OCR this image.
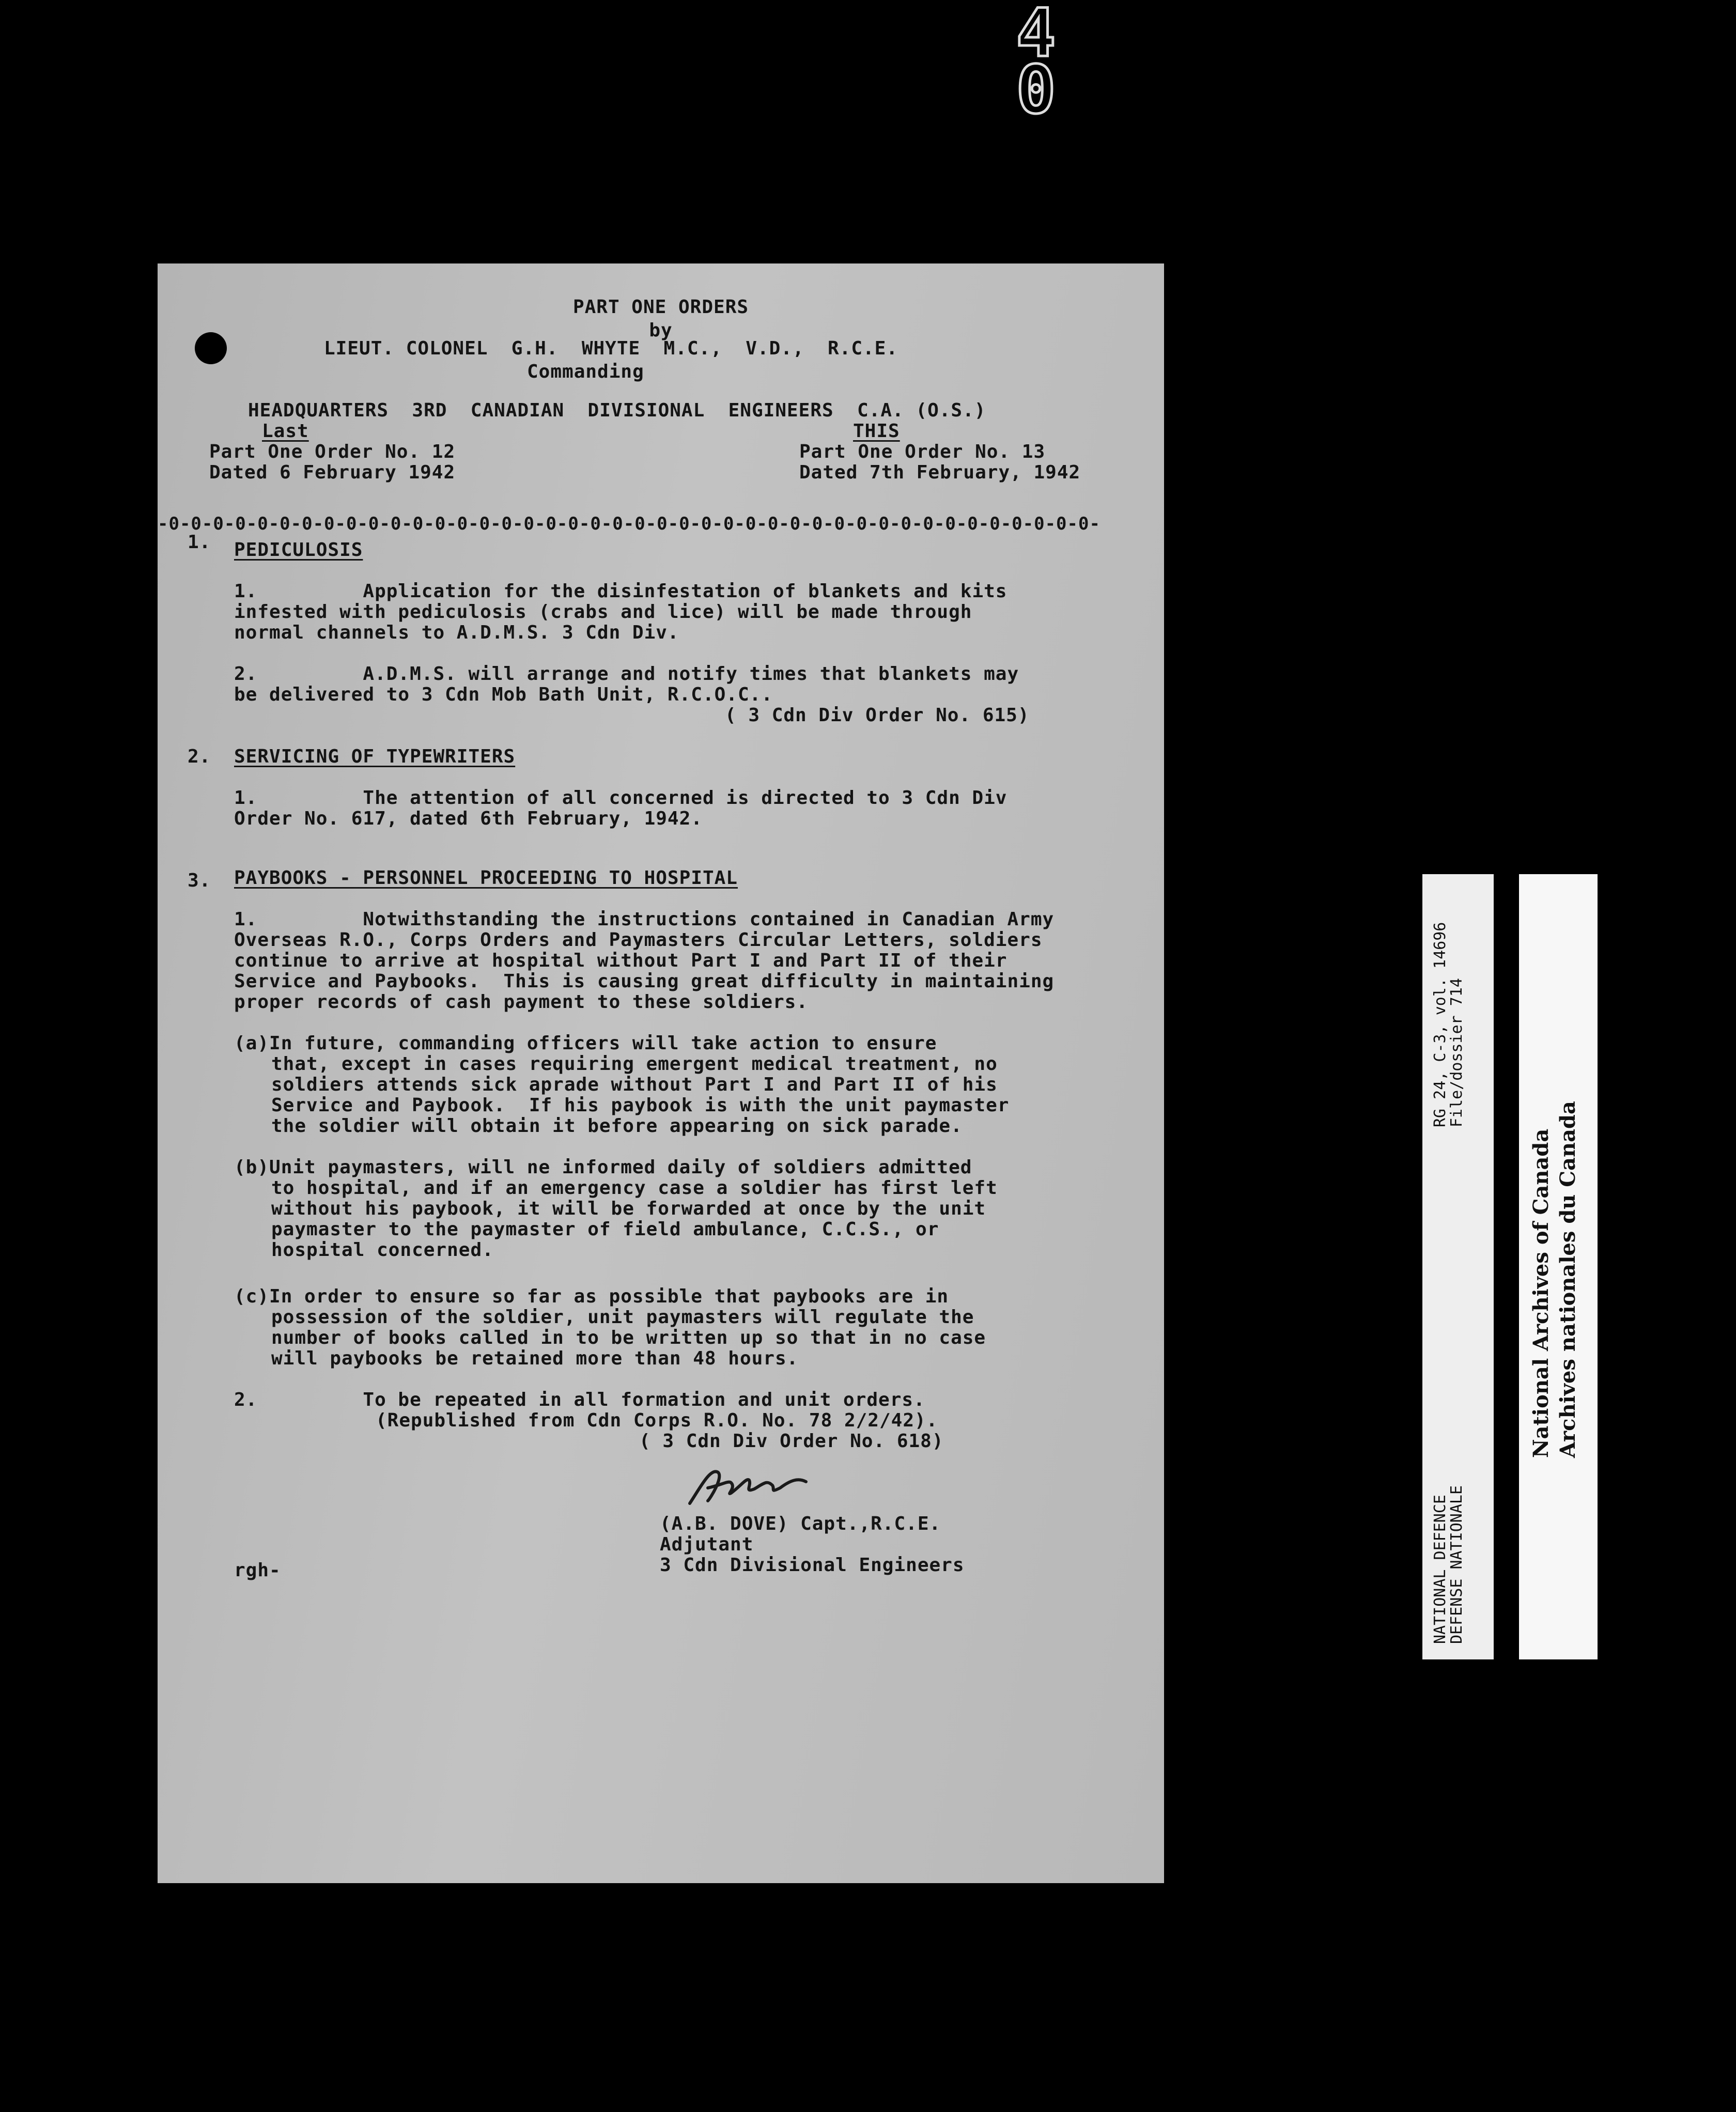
4 0
PART ONE ORDERS
by
LIEUT. COLONEL  G.H.  WHYTE  M.C.,  V.D.,  R.C.E.
Commanding
HEADQUARTERS  3RD  CANADIAN  DIVISIONAL  ENGINEERS  C.A. (O.S.)
Last
Part One Order No. 12
Dated 6 February 1942
THIS
Part One Order No. 13
Dated 7th February, 1942
-0-0-0-0-0-0-0-0-0-0-0-0-0-0-0-0-0-0-0-0-0-0-0-0-0-0-0-0-0-0-0-0-0-0-0-0-0-0-0-0-0-0-
1. PEDICULOSIS
1.         Application for the disinfestation of blankets and kits
infested with pediculosis (crabs and lice) will be made through
normal channels to A.D.M.S. 3 Cdn Div.
2.         A.D.M.S. will arrange and notify times that blankets may
be delivered to 3 Cdn Mob Bath Unit, R.C.O.C..
( 3 Cdn Div Order No. 615)
2. SERVICING OF TYPEWRITERS
1.         The attention of all concerned is directed to 3 Cdn Div
Order No. 617, dated 6th February, 1942.
3. PAYBOOKS - PERSONNEL PROCEEDING TO HOSPITAL
1.         Notwithstanding the instructions contained in Canadian Army
Overseas R.O., Corps Orders and Paymasters Circular Letters, soldiers
continue to arrive at hospital without Part I and Part II of their
Service and Paybooks.  This is causing great difficulty in maintaining
proper records of cash payment to these soldiers.
(a)In future, commanding officers will take action to ensure
that, except in cases requiring emergent medical treatment, no
soldiers attends sick aprade without Part I and Part II of his
Service and Paybook.  If his paybook is with the unit paymaster
the soldier will obtain it before appearing on sick parade.
(b)Unit paymasters, will ne informed daily of soldiers admitted
to hospital, and if an emergency case a soldier has first left
without his paybook, it will be forwarded at once by the unit
paymaster to the paymaster of field ambulance, C.C.S., or
hospital concerned.
(c)In order to ensure so far as possible that paybooks are in
possession of the soldier, unit paymasters will regulate the
number of books called in to be written up so that in no case
will paybooks be retained more than 48 hours.
2.         To be repeated in all formation and unit orders.
(Republished from Cdn Corps R.O. No. 78 2/2/42).
( 3 Cdn Div Order No. 618)
(A.B. DOVE) Capt.,R.C.E.
Adjutant
3 Cdn Divisional Engineers
rgh-	NATIONAL DEFENCE
DEFENSE NATIONALE
RG 24, C-3, vol. 14696
File/dossier 714
National Archives of Canada Archives nationales du Canada
